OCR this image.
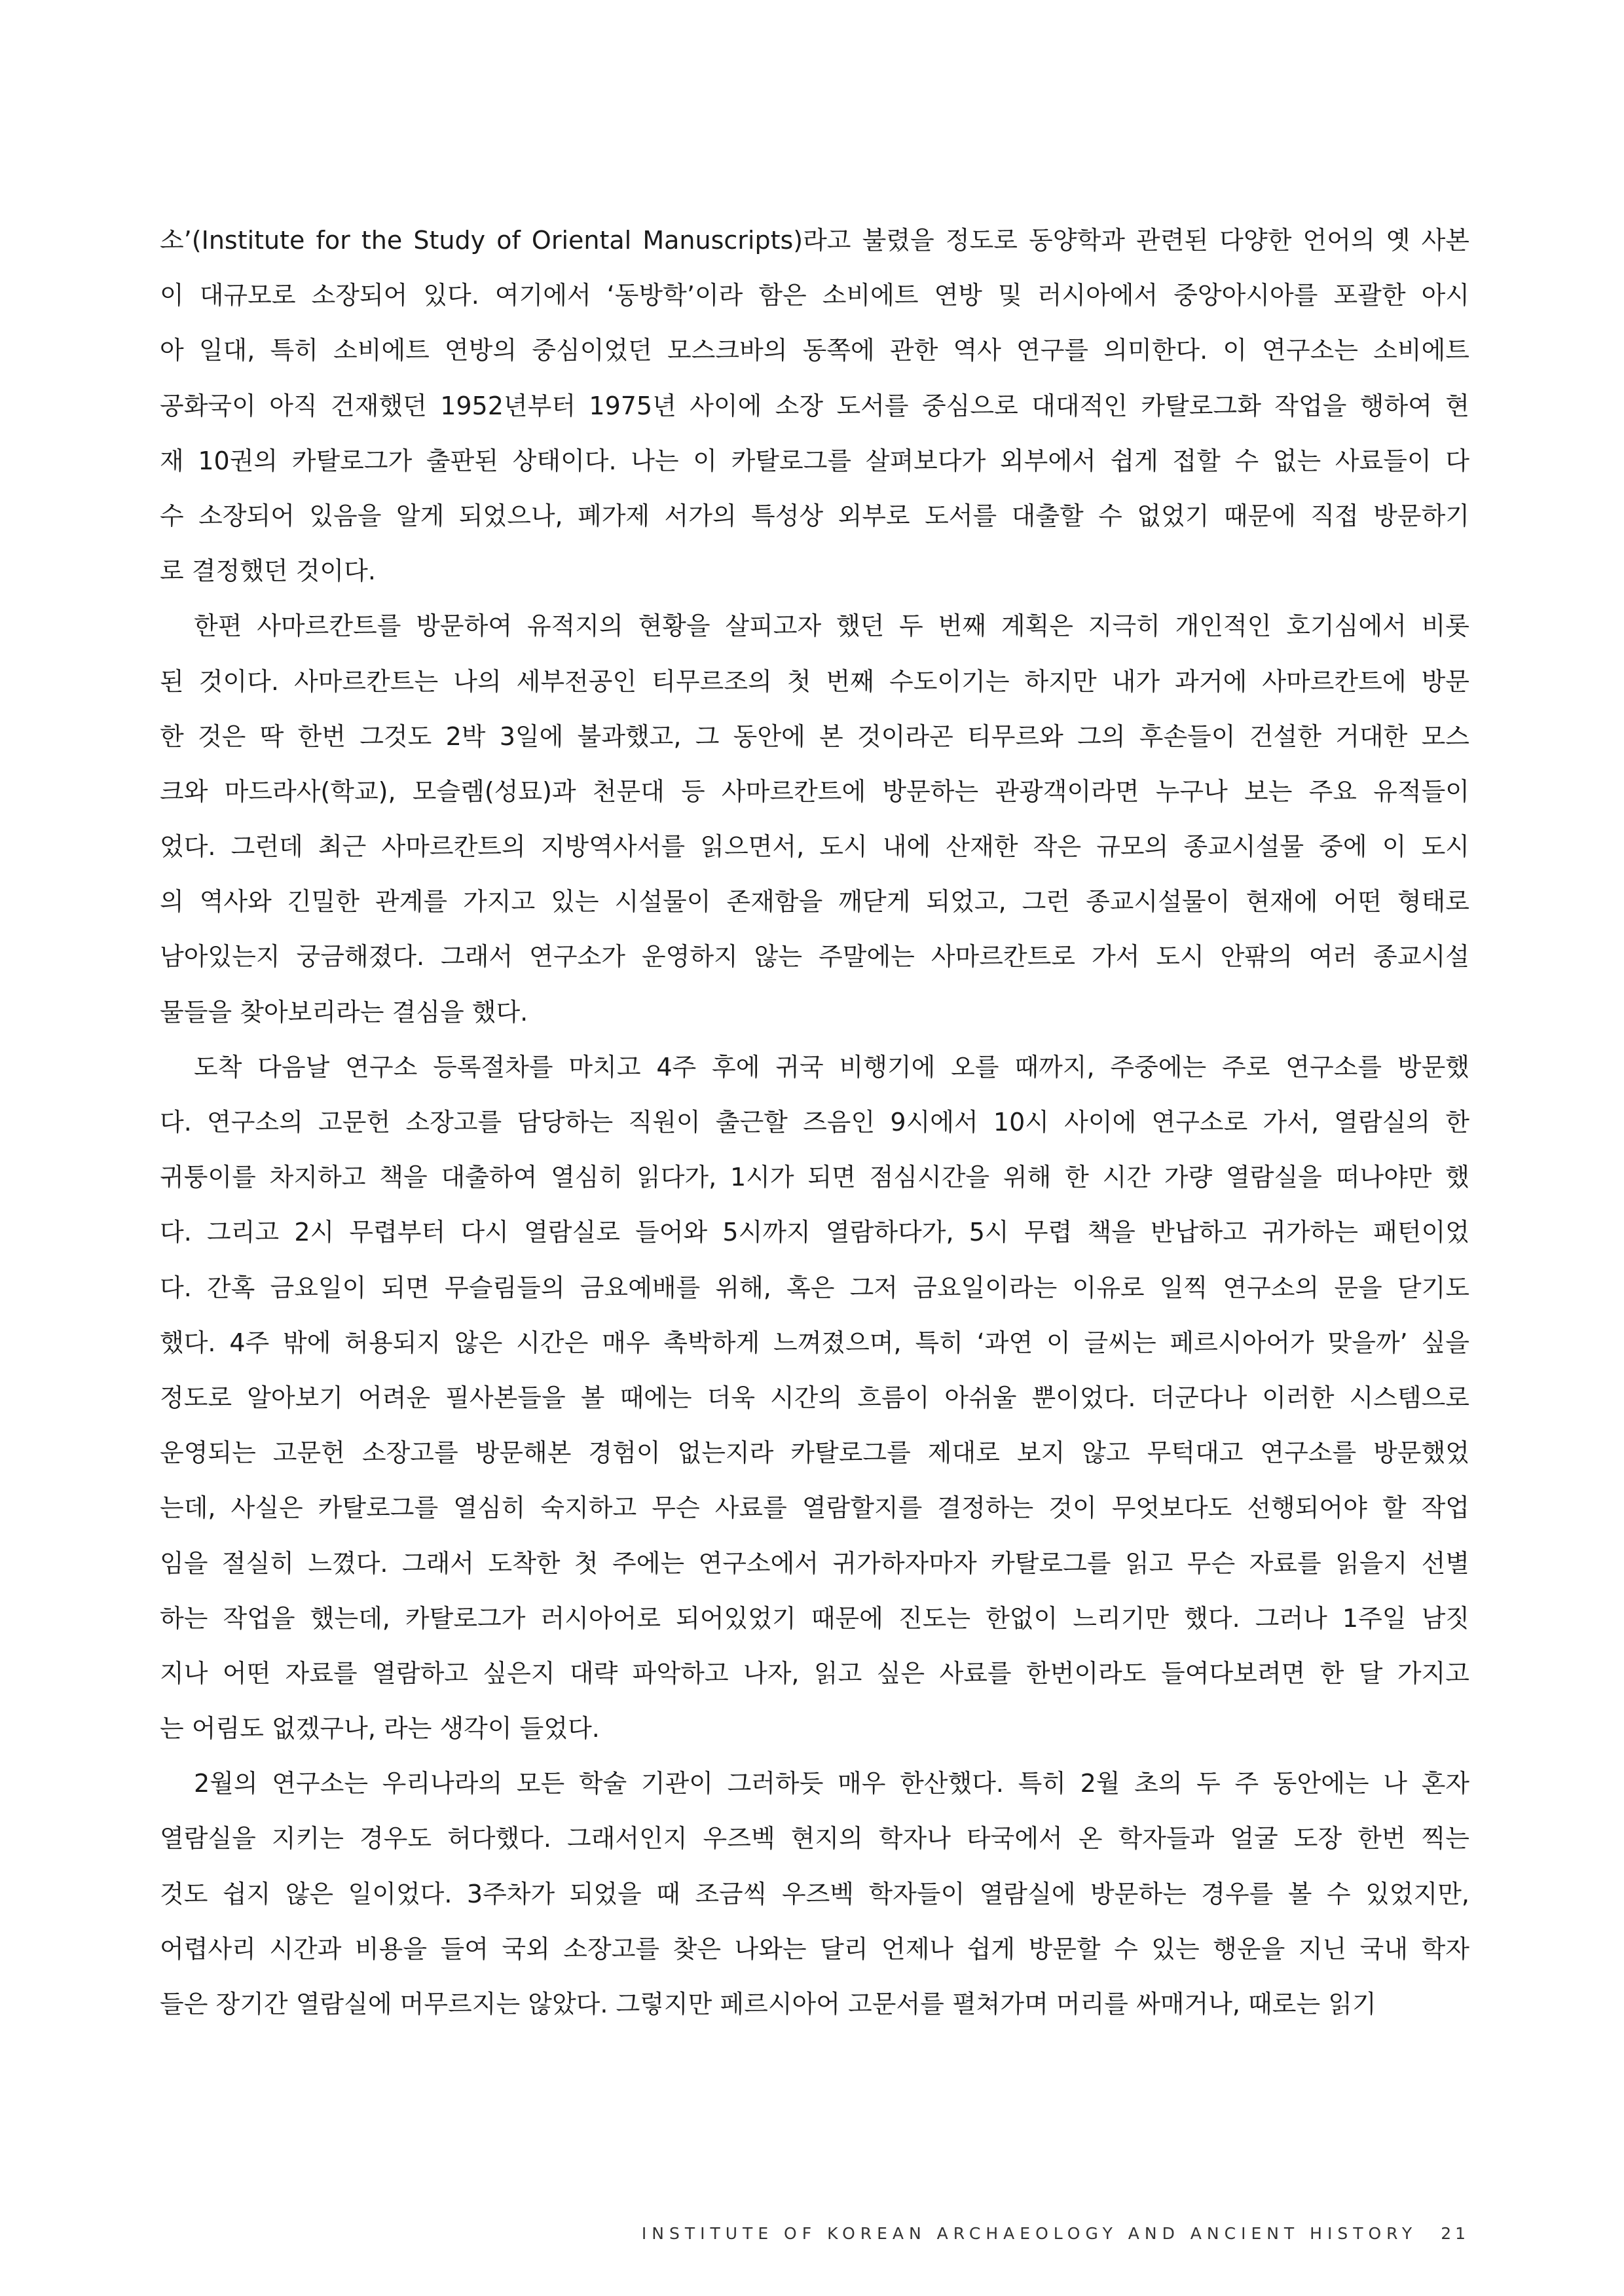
소’(Institute for the Study of Oriental Manuscripts)라고 불렸을 정도로 동양학과 관련된 다양한 언어의 옛 사본
이 대규모로 소장되어 있다. 여기에서 ‘동방학’이라 함은 소비에트 연방 및 러시아에서 중앙아시아를 포괄한 아시
아 일대, 특히 소비에트 연방의 중심이었던 모스크바의 동쪽에 관한 역사 연구를 의미한다. 이 연구소는 소비에트
공화국이 아직 건재했던 1952년부터 1975년 사이에 소장 도서를 중심으로 대대적인 카탈로그화 작업을 행하여 현
재 10권의 카탈로그가 출판된 상태이다. 나는 이 카탈로그를 살펴보다가 외부에서 쉽게 접할 수 없는 사료들이 다
수 소장되어 있음을 알게 되었으나, 폐가제 서가의 특성상 외부로 도서를 대출할 수 없었기 때문에 직접 방문하기
로 결정했던 것이다.
한편 사마르칸트를 방문하여 유적지의 현황을 살피고자 했던 두 번째 계획은 지극히 개인적인 호기심에서 비롯
된 것이다. 사마르칸트는 나의 세부전공인 티무르조의 첫 번째 수도이기는 하지만 내가 과거에 사마르칸트에 방문
한 것은 딱 한번 그것도 2박 3일에 불과했고, 그 동안에 본 것이라곤 티무르와 그의 후손들이 건설한 거대한 모스
크와 마드라사(학교), 모슬렘(성묘)과 천문대 등 사마르칸트에 방문하는 관광객이라면 누구나 보는 주요 유적들이
었다. 그런데 최근 사마르칸트의 지방역사서를 읽으면서, 도시 내에 산재한 작은 규모의 종교시설물 중에 이 도시
의 역사와 긴밀한 관계를 가지고 있는 시설물이 존재함을 깨닫게 되었고, 그런 종교시설물이 현재에 어떤 형태로
남아있는지 궁금해졌다. 그래서 연구소가 운영하지 않는 주말에는 사마르칸트로 가서 도시 안팎의 여러 종교시설
물들을 찾아보리라는 결심을 했다.
도착 다음날 연구소 등록절차를 마치고 4주 후에 귀국 비행기에 오를 때까지, 주중에는 주로 연구소를 방문했
다. 연구소의 고문헌 소장고를 담당하는 직원이 출근할 즈음인 9시에서 10시 사이에 연구소로 가서, 열람실의 한
귀퉁이를 차지하고 책을 대출하여 열심히 읽다가, 1시가 되면 점심시간을 위해 한 시간 가량 열람실을 떠나야만 했
다. 그리고 2시 무렵부터 다시 열람실로 들어와 5시까지 열람하다가, 5시 무렵 책을 반납하고 귀가하는 패턴이었
다. 간혹 금요일이 되면 무슬림들의 금요예배를 위해, 혹은 그저 금요일이라는 이유로 일찍 연구소의 문을 닫기도
했다. 4주 밖에 허용되지 않은 시간은 매우 촉박하게 느껴졌으며, 특히 ‘과연 이 글씨는 페르시아어가 맞을까’ 싶을
정도로 알아보기 어려운 필사본들을 볼 때에는 더욱 시간의 흐름이 아쉬울 뿐이었다. 더군다나 이러한 시스템으로
운영되는 고문헌 소장고를 방문해본 경험이 없는지라 카탈로그를 제대로 보지 않고 무턱대고 연구소를 방문했었
는데, 사실은 카탈로그를 열심히 숙지하고 무슨 사료를 열람할지를 결정하는 것이 무엇보다도 선행되어야 할 작업
임을 절실히 느꼈다. 그래서 도착한 첫 주에는 연구소에서 귀가하자마자 카탈로그를 읽고 무슨 자료를 읽을지 선별
하는 작업을 했는데, 카탈로그가 러시아어로 되어있었기 때문에 진도는 한없이 느리기만 했다. 그러나 1주일 남짓
지나 어떤 자료를 열람하고 싶은지 대략 파악하고 나자, 읽고 싶은 사료를 한번이라도 들여다보려면 한 달 가지고
는 어림도 없겠구나, 라는 생각이 들었다.
2월의 연구소는 우리나라의 모든 학술 기관이 그러하듯 매우 한산했다. 특히 2월 초의 두 주 동안에는 나 혼자
열람실을 지키는 경우도 허다했다. 그래서인지 우즈벡 현지의 학자나 타국에서 온 학자들과 얼굴 도장 한번 찍는
것도 쉽지 않은 일이었다. 3주차가 되었을 때 조금씩 우즈벡 학자들이 열람실에 방문하는 경우를 볼 수 있었지만,
어렵사리 시간과 비용을 들여 국외 소장고를 찾은 나와는 달리 언제나 쉽게 방문할 수 있는 행운을 지닌 국내 학자
들은 장기간 열람실에 머무르지는 않았다. 그렇지만 페르시아어 고문서를 펼쳐가며 머리를 싸매거나, 때로는 읽기
INSTITUTE OF KOREAN ARCHAEOLOGY AND ANCIENT HISTORY 21
